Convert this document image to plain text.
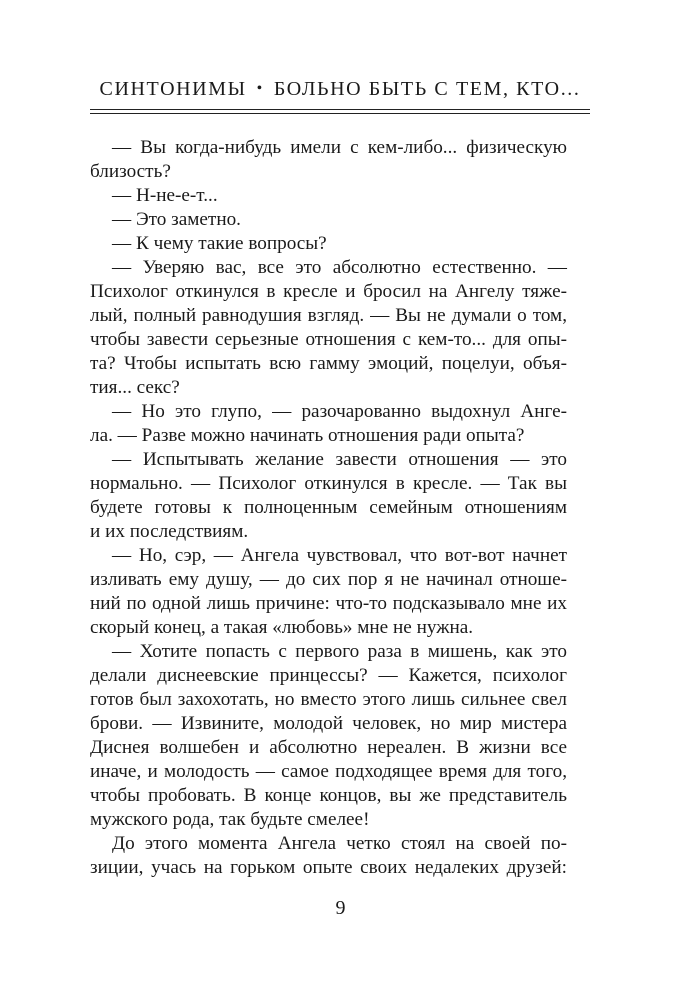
СИНТОНИМЫ • БОЛЬНО БЫТЬ С ТЕМ, КТО...
— Вы когда-нибудь имели с кем-либо... физическую
близость?
— Н-не-е-т...
— Это заметно.
— К чему такие вопросы?
— Уверяю вас, все это абсолютно естественно. —
Психолог откинулся в кресле и бросил на Ангелу тяже-
лый, полный равнодушия взгляд. — Вы не думали о том,
чтобы завести серьезные отношения с кем-то... для опы-
та? Чтобы испытать всю гамму эмоций, поцелуи, объя-
тия... секс?
— Но это глупо, — разочарованно выдохнул Анге-
ла. — Разве можно начинать отношения ради опыта?
— Испытывать желание завести отношения — это
нормально. — Психолог откинулся в кресле. — Так вы
будете готовы к полноценным семейным отношениям
и их последствиям.
— Но, сэр, — Ангела чувствовал, что вот-вот начнет
изливать ему душу, — до сих пор я не начинал отноше-
ний по одной лишь причине: что-то подсказывало мне их
скорый конец, а такая «любовь» мне не нужна.
— Хотите попасть с первого раза в мишень, как это
делали диснеевские принцессы? — Кажется, психолог
готов был захохотать, но вместо этого лишь сильнее свел
брови. — Извините, молодой человек, но мир мистера
Диснея волшебен и абсолютно нереален. В жизни все
иначе, и молодость — самое подходящее время для того,
чтобы пробовать. В конце концов, вы же представитель
мужского рода, так будьте смелее!
До этого момента Ангела четко стоял на своей по-
зиции, учась на горьком опыте своих недалеких друзей:
9
